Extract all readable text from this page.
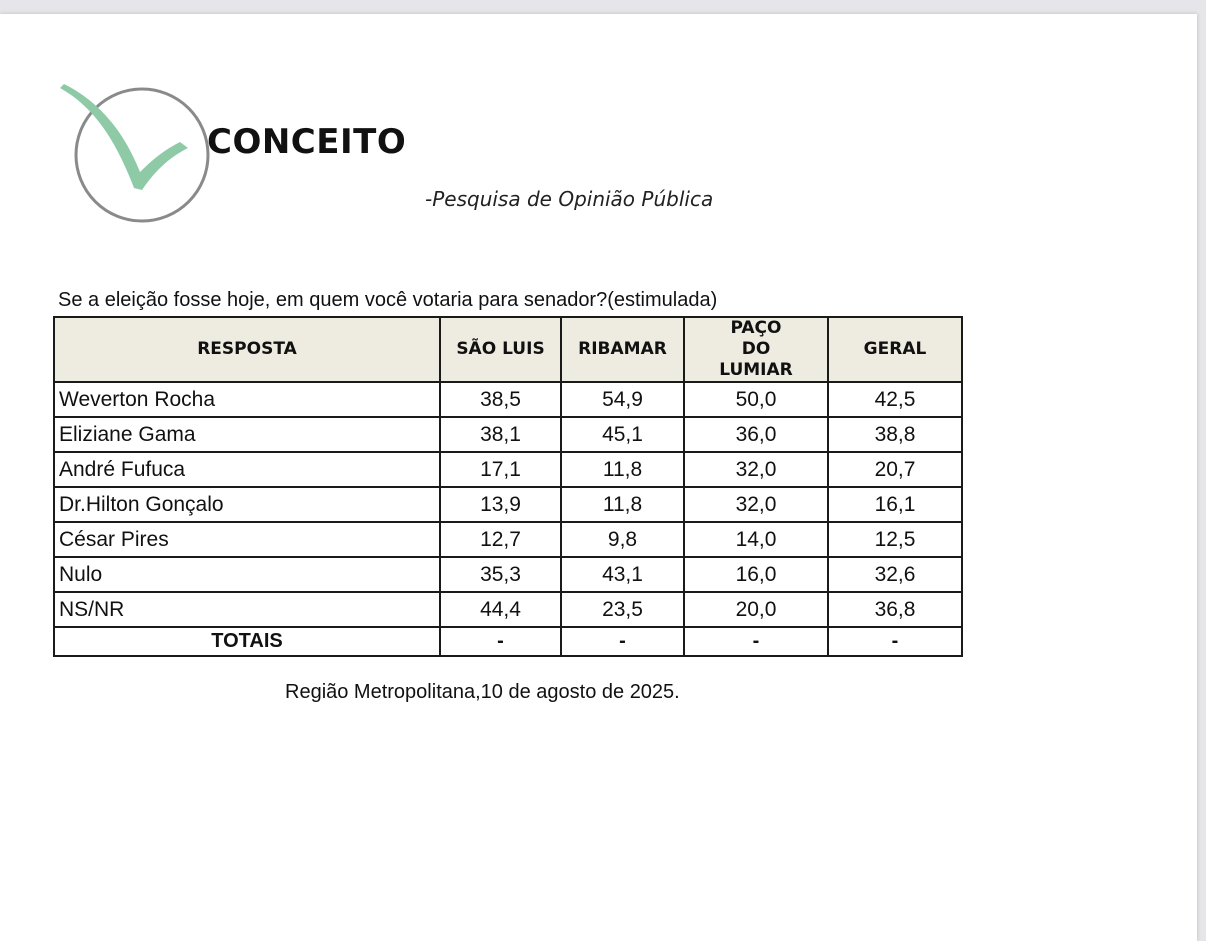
CONCEITO
-Pesquisa de Opinião Pública
Se a eleição fosse hoje, em quem você votaria para senador?(estimulada)
RESPOSTA	SÃO LUIS	RIBAMAR	PAÇO DO LUMIAR	GERAL
Weverton Rocha	38,5	54,9	50,0	42,5
Eliziane Gama	38,1	45,1	36,0	38,8
André Fufuca	17,1	11,8	32,0	20,7
Dr.Hilton Gonçalo	13,9	11,8	32,0	16,1
César Pires	12,7	9,8	14,0	12,5
Nulo	35,3	43,1	16,0	32,6
NS/NR	44,4	23,5	20,0	36,8
TOTAIS	-	-	-	-
Região Metropolitana,10 de agosto de 2025.
